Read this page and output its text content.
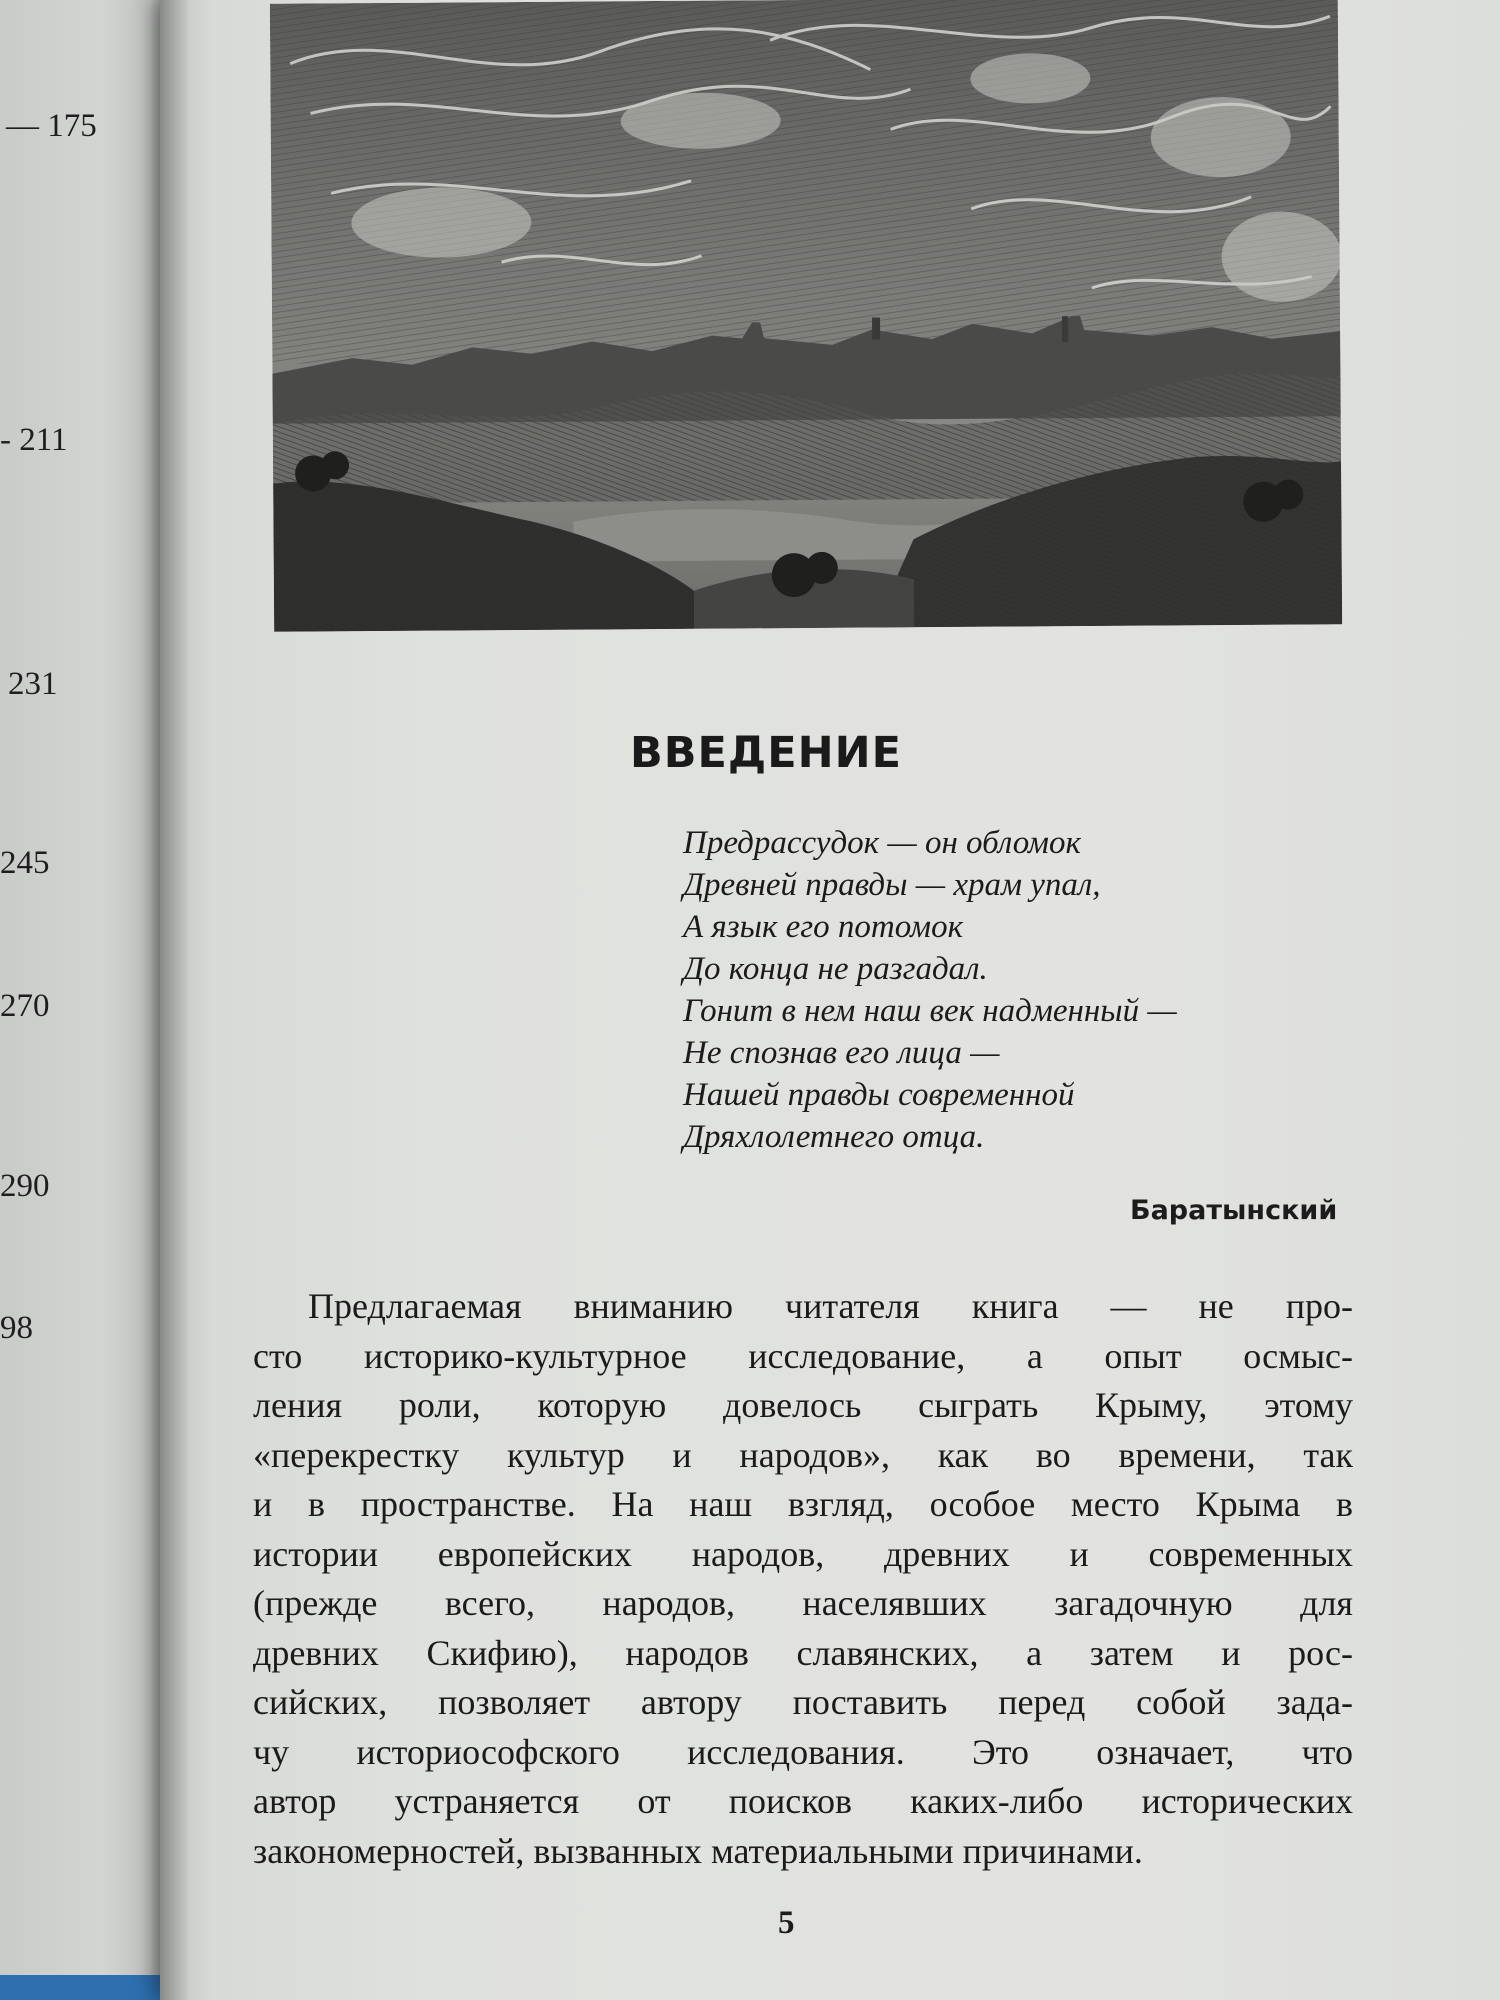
— 175
- 211
231
245
270
290
98
ВВЕДЕНИЕ
Предрассудок — он обломок
Древней правды — храм упал,
А язык его потомок
До конца не разгадал.
Гонит в нем наш век надменный —
Не спознав его лица —
Нашей правды современной
Дряхлолетнего отца.
Баратынский
Предлагаемая вниманию читателя книга — не про-
сто историко-культурное исследование, а опыт осмыс-
ления роли, которую довелось сыграть Крыму, этому
«перекрестку культур и народов», как во времени, так
и в пространстве. На наш взгляд, особое место Крыма в
истории европейских народов, древних и современных
(прежде всего, народов, населявших загадочную для
древних Скифию), народов славянских, а затем и рос-
сийских, позволяет автору поставить перед собой зада-
чу историософского исследования. Это означает, что
автор устраняется от поисков каких-либо исторических
закономерностей, вызванных материальными причинами.
5
